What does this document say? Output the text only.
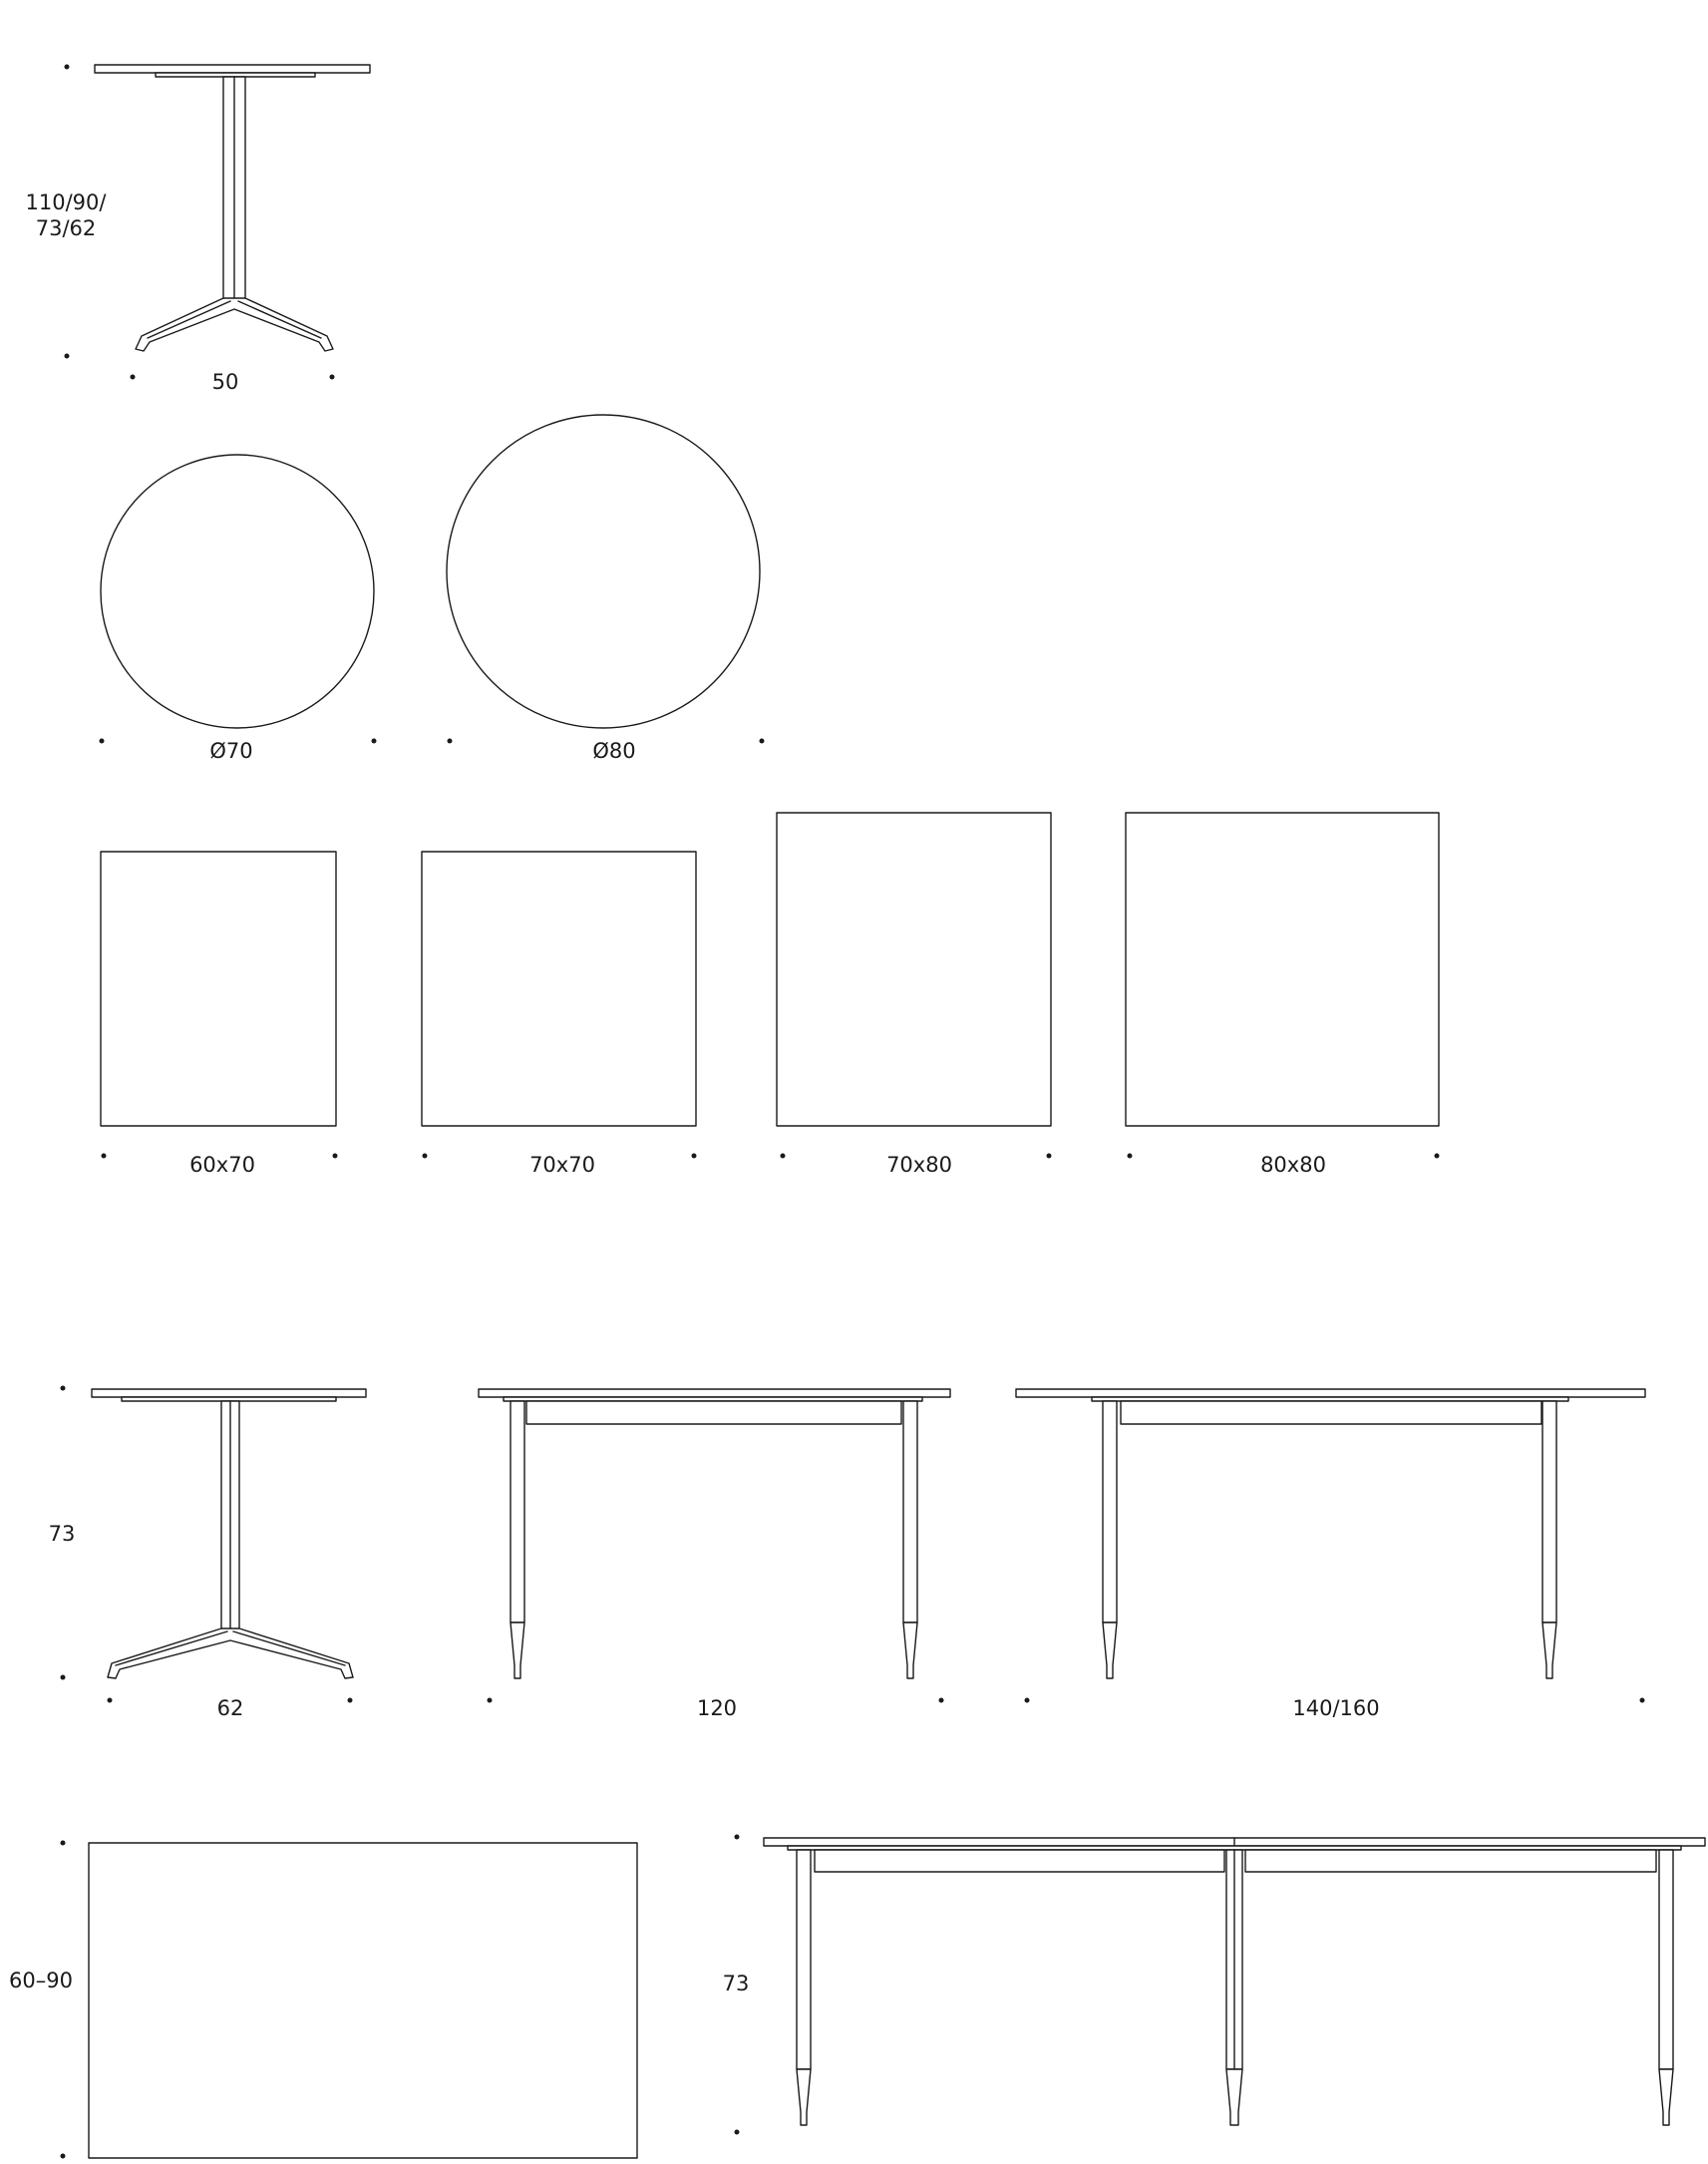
110/90/
73/62
50
Ø70	Ø80
60x70	70x70	70x80	80x80
73
62	120	140/160
60–90	73
